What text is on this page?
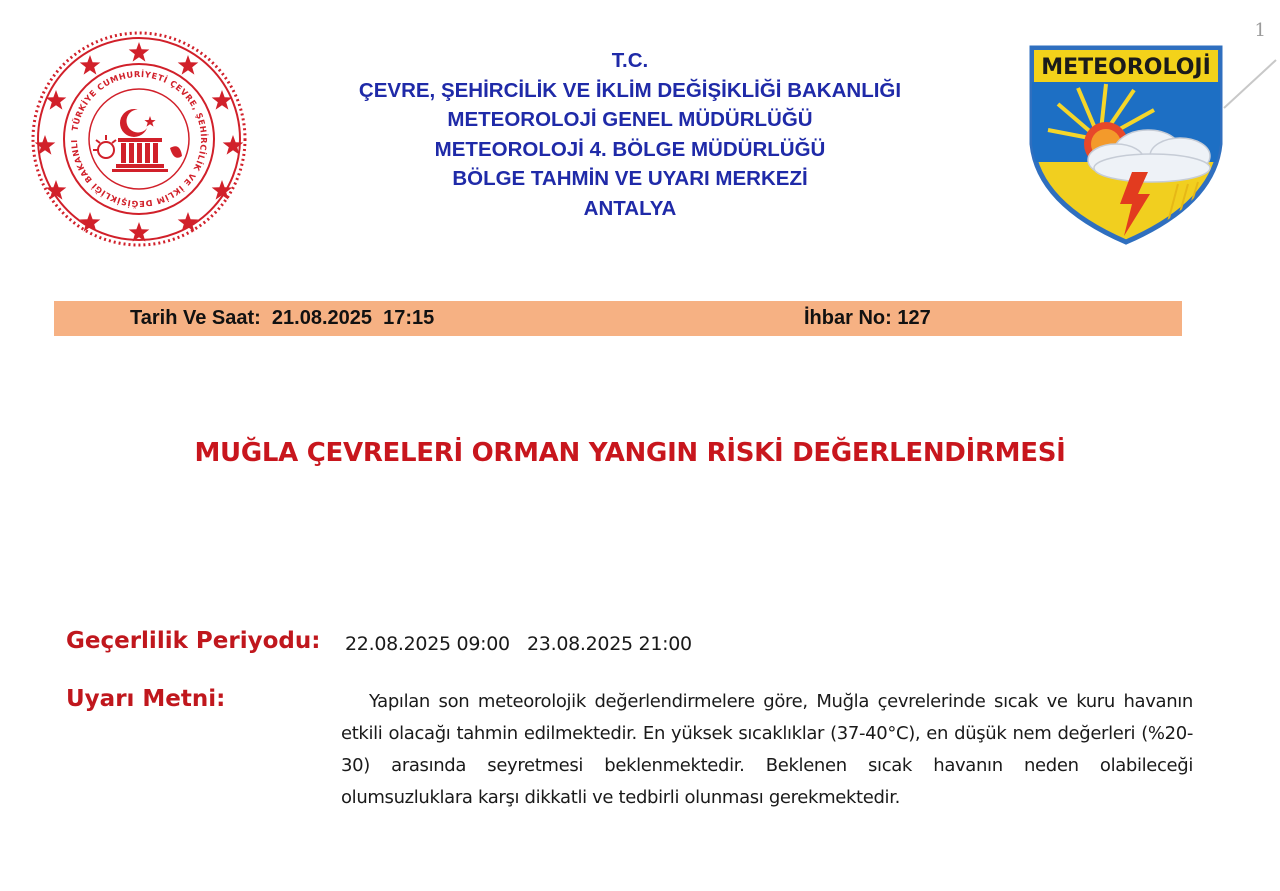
1
TÜRKİYE CUMHURİYETİ ÇEVRE, ŞEHİRCİLİK VE İKLİM DEĞİŞİKLİĞİ BAKANLI
T.C.
ÇEVRE, ŞEHİRCİLİK VE İKLİM DEĞİŞİKLİĞİ BAKANLIĞI
METEOROLOJİ GENEL MÜDÜRLÜĞÜ
METEOROLOJİ 4. BÖLGE MÜDÜRLÜĞÜ
BÖLGE TAHMİN VE UYARI MERKEZİ
ANTALYA
METEOROLOJİ
Tarih Ve Saat: 21.08.2025  17:15	İhbar No: 127
MUĞLA ÇEVRELERİ ORMAN YANGIN RİSKİ DEĞERLENDİRMESİ
Geçerlilik Periyodu: 22.08.2025 09:00 23.08.2025 21:00
Uyarı Metni:	Yapılan son meteorolojik değerlendirmelere göre, Muğla çevrelerinde sıcak ve kuru havanın etkili olacağı tahmin edilmektedir. En yüksek sıcaklıklar (37-40°C), en düşük nem değerleri (%20-30) arasında seyretmesi beklenmektedir. Beklenen sıcak havanın neden olabileceği olumsuzluklara karşı dikkatli ve tedbirli olunması gerekmektedir.
